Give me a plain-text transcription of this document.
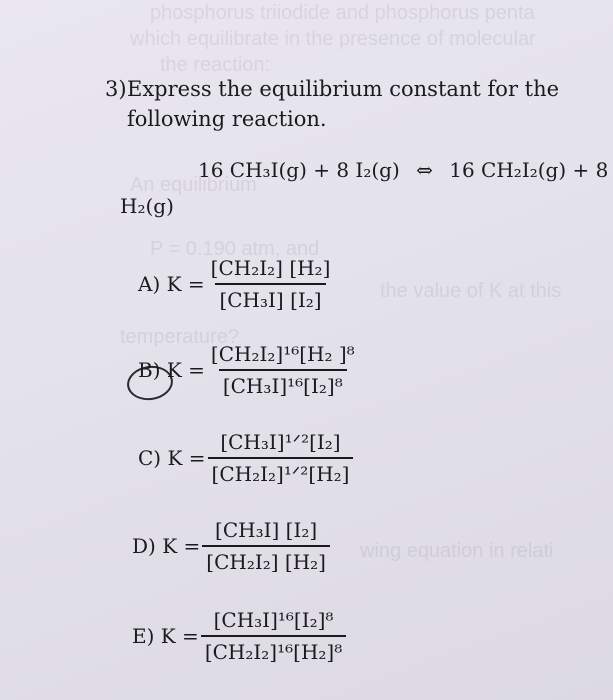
phosphorus triiodide and phosphorus penta
which equilibrate in the presence of molecular
the reaction:
An equilibrium
P = 0.190 atm, and
the value of K at this
temperature?
wing equation in relati
3)Express the equilibrium constant for the
following reaction.
16 CH₃I(g) + 8 I₂(g) ⇔ 16 CH₂I₂(g) + 8
H₂(g)
A) $K = \frac{\text{[CH₂I₂] [H₂]}}{\text{[CH₃I] [I₂]}}$
B) $K = \frac{\text{[CH₂I₂]¹⁶[H₂ ]⁸}}{\text{[CH₃I]¹⁶[I₂]⁸}}$
C) $K = \frac{\text{[CH₃I]¹ᐟ²[I₂]}}{\text{[CH₂I₂]¹ᐟ²[H₂]}}$
D) $K = \frac{\text{[CH₃I] [I₂]}}{\text{[CH₂I₂] [H₂]}}$
E) $K = \frac{\text{[CH₃I]¹⁶[I₂]⁸}}{\text{[CH₂I₂]¹⁶[H₂]⁸}}$
